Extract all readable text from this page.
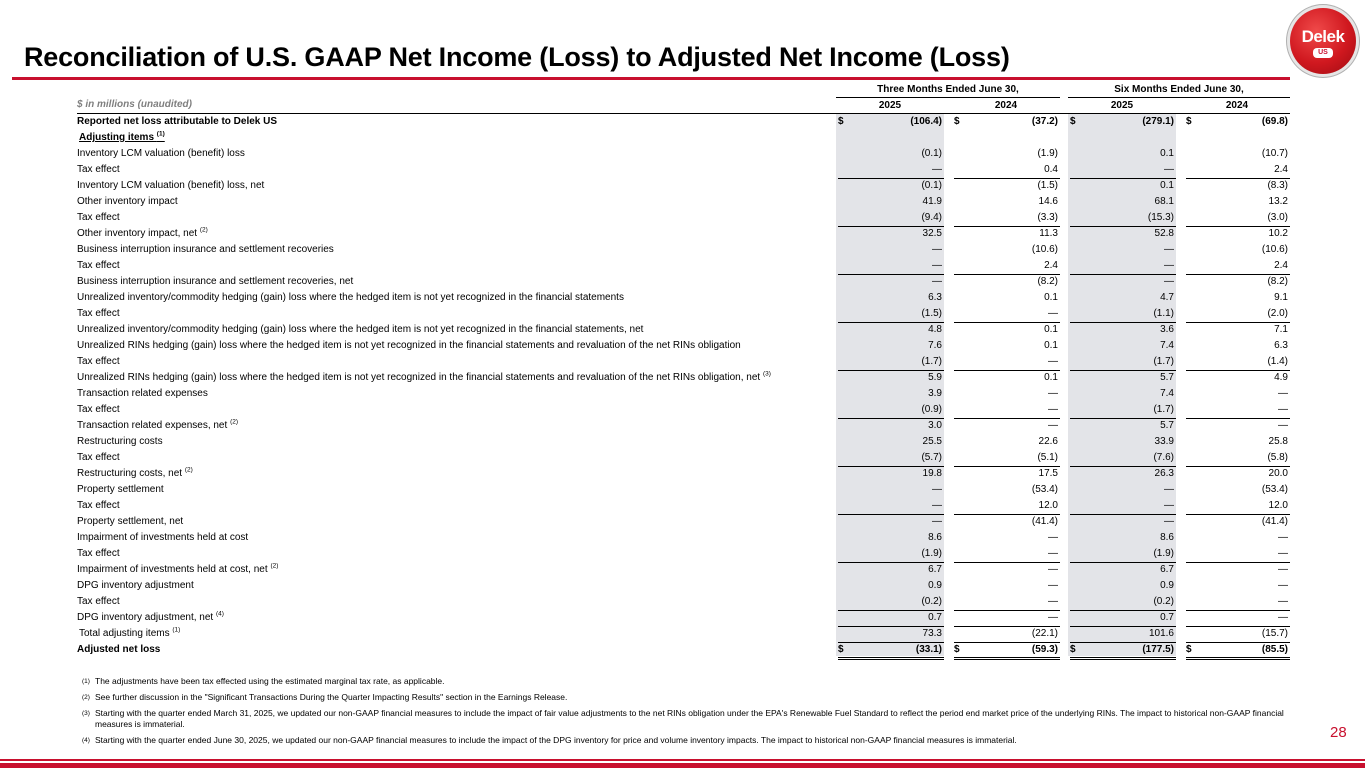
Reconciliation of U.S. GAAP Net Income (Loss) to Adjusted Net Income (Loss)
Delek
US
Three Months Ended June 30,	Six Months Ended June 30,
2025	2024	2025	2024
$ in millions (unaudited)
Reported net loss attributable to Delek US	$	(106.4) $	(37.2) $	(279.1) $	(69.8)
Adjusting items $^{(1)}$
Inventory LCM valuation (benefit) loss	(0.1)	(1.9)	0.1	(10.7)
Tax effect	—	0.4	—	2.4
Inventory LCM valuation (benefit) loss, net	(0.1)	(1.5)	0.1	(8.3)
Other inventory impact	41.9	14.6	68.1	13.2
Tax effect	(9.4)	(3.3)	(15.3)	(3.0)
Other inventory impact, net $^{(2)}$	32.5	11.3	52.8	10.2
Business interruption insurance and settlement recoveries	—	(10.6)	—	(10.6)
Tax effect	—	2.4	—	2.4
Business interruption insurance and settlement recoveries, net	—	(8.2)	—	(8.2)
Unrealized inventory/commodity hedging (gain) loss where the hedged item is not yet recognized in the financial statements	6.3	0.1	4.7	9.1
Tax effect	(1.5)	—	(1.1)	(2.0)
Unrealized inventory/commodity hedging (gain) loss where the hedged item is not yet recognized in the financial statements, net	4.8	0.1	3.6	7.1
Unrealized RINs hedging (gain) loss where the hedged item is not yet recognized in the financial statements and revaluation of the net RINs obligation	7.6	0.1	7.4	6.3
Tax effect	(1.7)	—	(1.7)	(1.4)
Unrealized RINs hedging (gain) loss where the hedged item is not yet recognized in the financial statements and revaluation of the net RINs obligation, net $^{(3)}$	5.9	0.1	5.7	4.9
Transaction related expenses	3.9	—	7.4	—
Tax effect	(0.9)	—	(1.7)	—
Transaction related expenses, net $^{(2)}$	3.0	—	5.7	—
Restructuring costs	25.5	22.6	33.9	25.8
Tax effect	(5.7)	(5.1)	(7.6)	(5.8)
Restructuring costs, net $^{(2)}$	19.8	17.5	26.3	20.0
Property settlement	—	(53.4)	—	(53.4)
Tax effect	—	12.0	—	12.0
Property settlement, net	—	(41.4)	—	(41.4)
Impairment of investments held at cost	8.6	—	8.6	—
Tax effect	(1.9)	—	(1.9)	—
Impairment of investments held at cost, net $^{(2)}$	6.7	—	6.7	—
DPG inventory adjustment	0.9	—	0.9	—
Tax effect	(0.2)	—	(0.2)	—
DPG inventory adjustment, net $^{(4)}$	0.7	—	0.7	—
Total adjusting items $^{(1)}$	73.3	(22.1)	101.6	(15.7)
Adjusted net loss	$	(33.1) $	(59.3) $	(177.5) $	(85.5)
(1) The adjustments have been tax effected using the estimated marginal tax rate, as applicable.
(2) See further discussion in the "Significant Transactions During the Quarter Impacting Results" section in the Earnings Release.
(3) Starting with the quarter ended March 31, 2025, we updated our non-GAAP financial measures to include the impact of fair value adjustments to the net RINs obligation under the EPA's Renewable Fuel Standard to reflect the period end market price of the underlying RINs. The impact to historical non-GAAP financial measures is immaterial.
(4) Starting with the quarter ended June 30, 2025, we updated our non-GAAP financial measures to include the impact of the DPG inventory for price and volume inventory impacts. The impact to historical non-GAAP financial measures is immaterial.	28
